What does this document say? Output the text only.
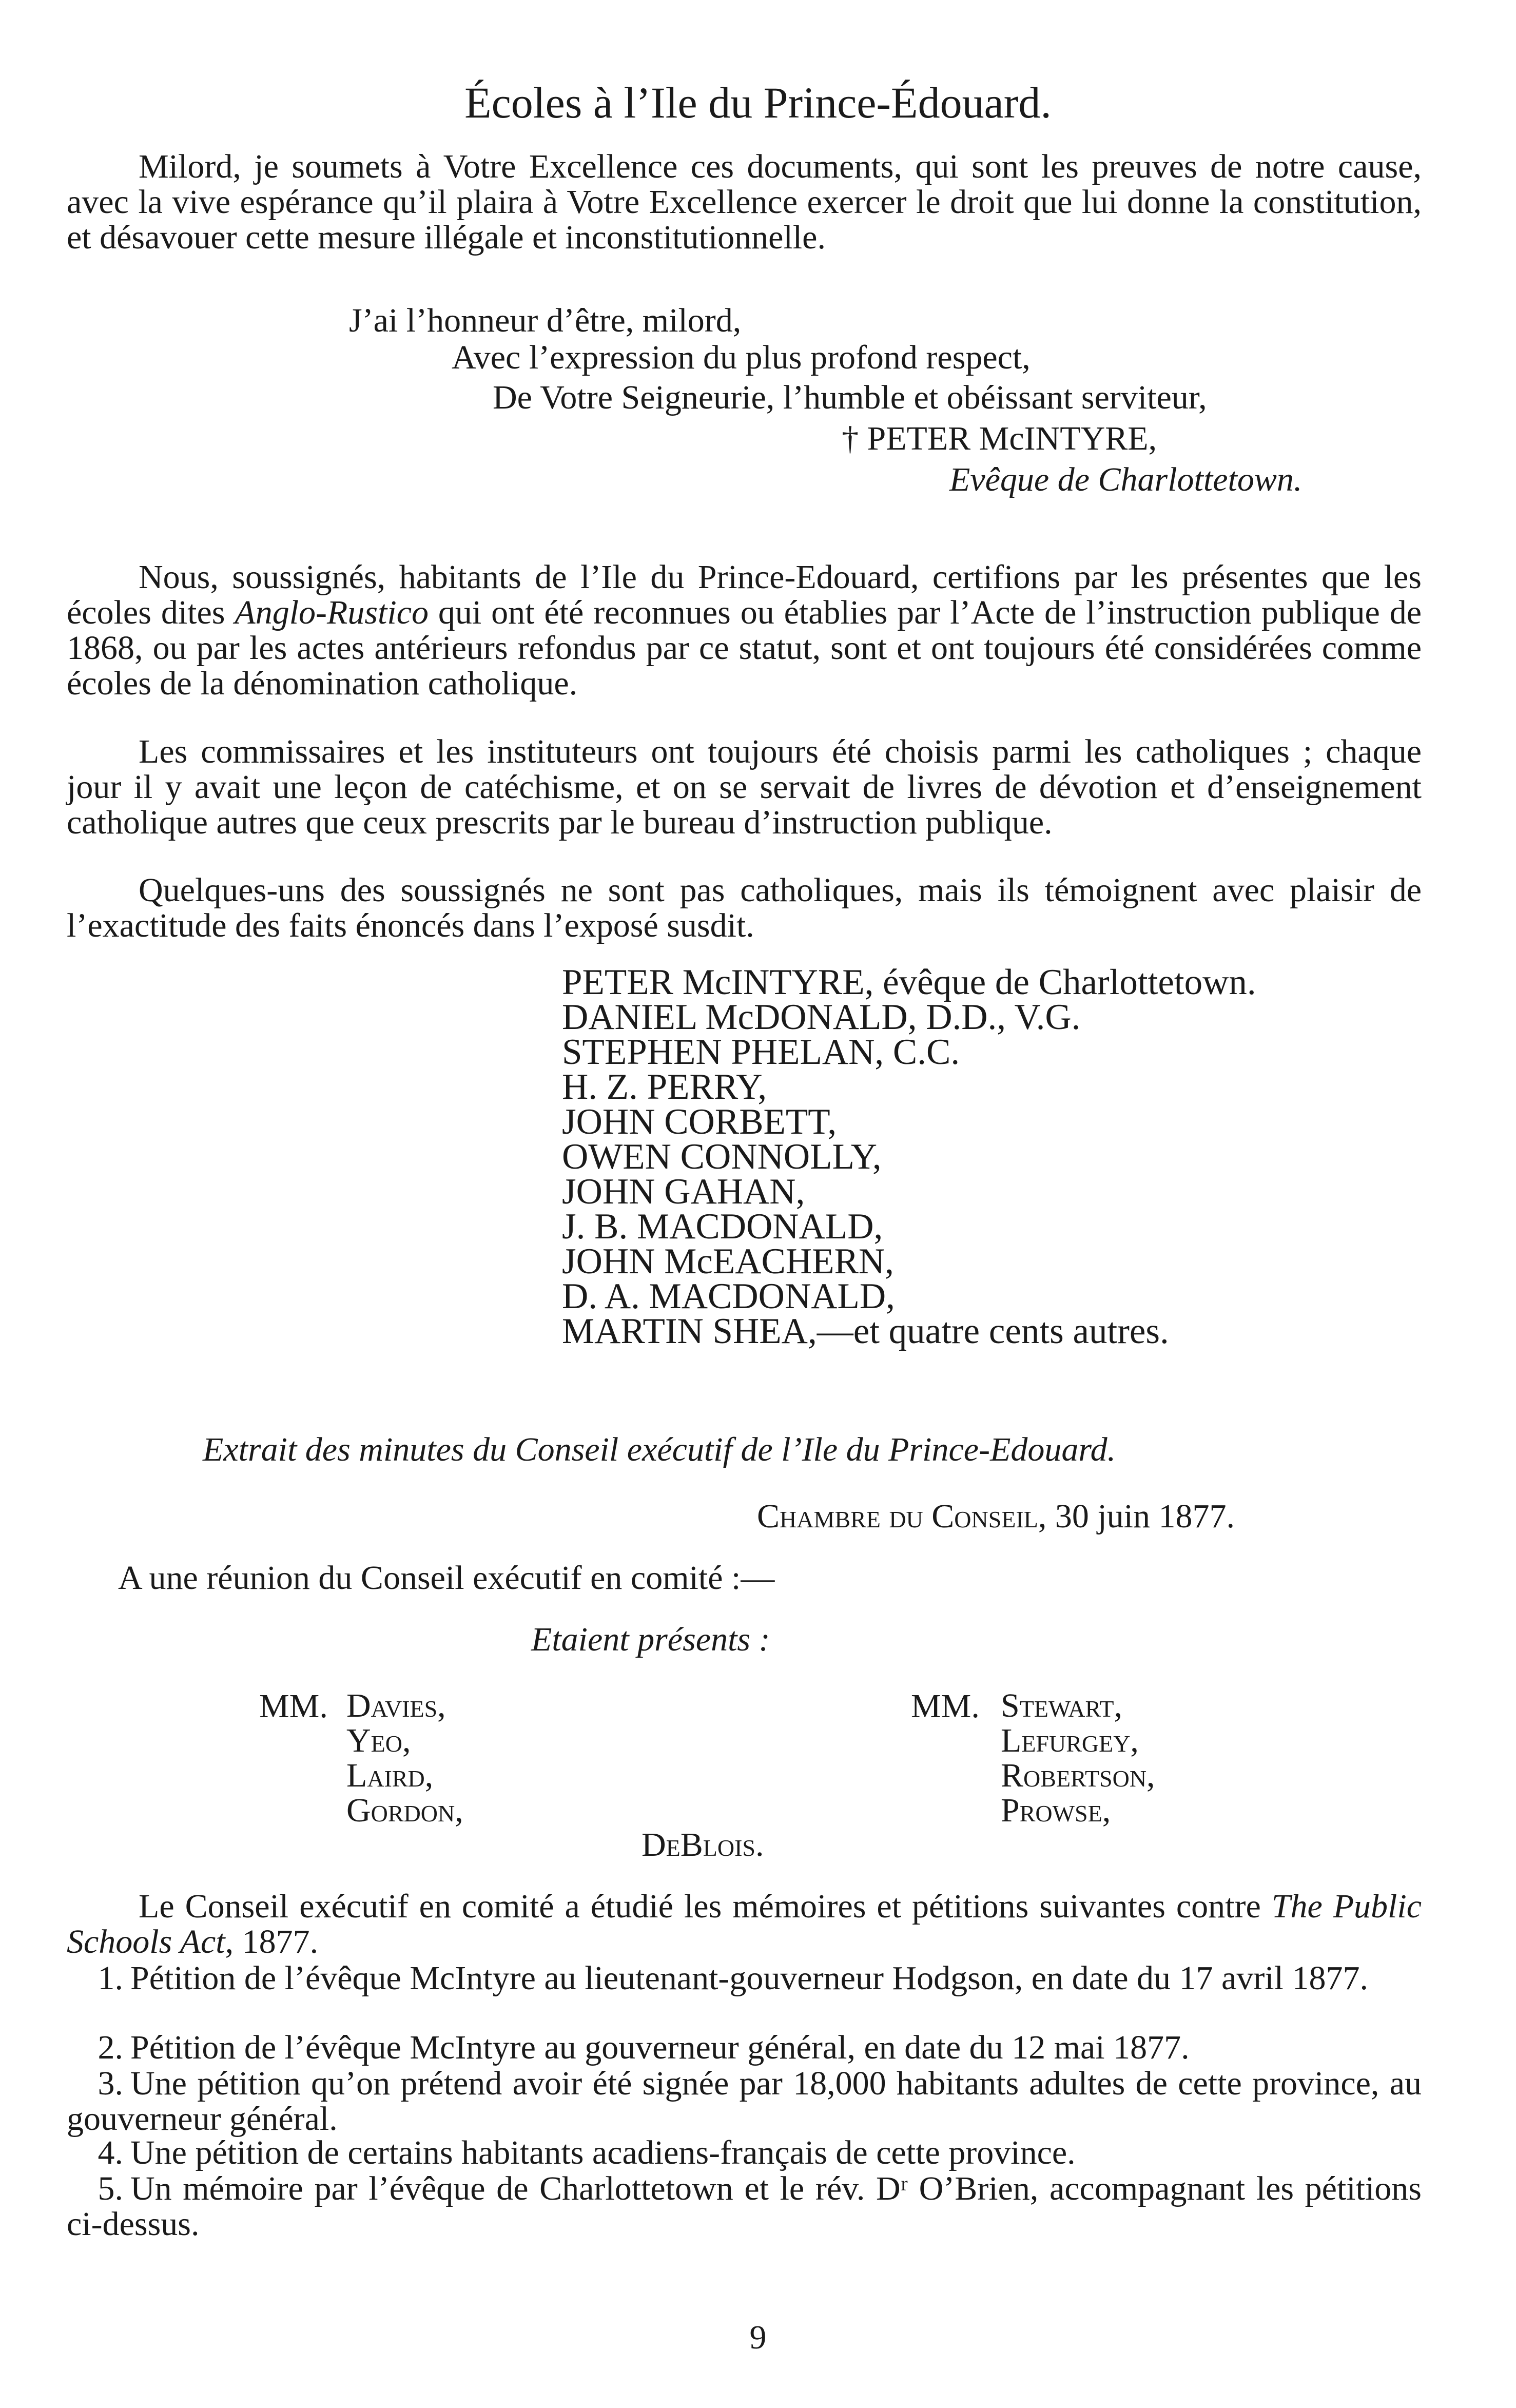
Écoles à l’Ile du Prince-Édouard.
Milord, je soumets à Votre Excellence ces documents, qui sont les preuves de notre cause, avec la vive espérance qu’il plaira à Votre Excellence exercer le droit que lui donne la constitution, et désavouer cette mesure illégale et inconstitutionnelle.
J’ai l’honneur d’être, milord,
Avec l’expression du plus profond respect,
De Votre Seigneurie, l’humble et obéissant serviteur,
† PETER McINTYRE,
Evêque de Charlottetown.
Nous, soussignés, habitants de l’Ile du Prince-Edouard, certifions par les présentes que les écoles dites Anglo-Rustico qui ont été reconnues ou établies par l’Acte de l’instruction publique de 1868, ou par les actes antérieurs refondus par ce statut, sont et ont toujours été considérées comme écoles de la dénomination catholique.
Les commissaires et les instituteurs ont toujours été choisis parmi les catholiques ; chaque jour il y avait une leçon de catéchisme, et on se servait de livres de dévotion et d’enseignement catholique autres que ceux prescrits par le bureau d’instruction publique.
Quelques-uns des soussignés ne sont pas catholiques, mais ils témoignent avec plaisir de l’exactitude des faits énoncés dans l’exposé susdit.
PETER McINTYRE, évêque de Charlottetown.
DANIEL McDONALD, D.D., V.G.
STEPHEN PHELAN, C.C.
H. Z. PERRY,
JOHN CORBETT,
OWEN CONNOLLY,
JOHN GAHAN,
J. B. MACDONALD,
JOHN McEACHERN,
D. A. MACDONALD,
MARTIN SHEA,—et quatre cents autres.
Extrait des minutes du Conseil exécutif de l’Ile du Prince-Edouard.
Chambre du Conseil, 30 juin 1877.
A une réunion du Conseil exécutif en comité :—
Etaient présents :
MM. Davies,
Yeo,
Laird,
Gordon,
MM. Stewart,
Lefurgey,
Robertson,
Prowse,
DeBlois.
Le Conseil exécutif en comité a étudié les mémoires et pétitions suivantes contre The Public Schools Act, 1877.
1. Pétition de l’évêque McIntyre au lieutenant-gouverneur Hodgson, en date du 17 avril 1877.
2. Pétition de l’évêque McIntyre au gouverneur général, en date du 12 mai 1877.
3. Une pétition qu’on prétend avoir été signée par 18,000 habitants adultes de cette province, au gouverneur général.
4. Une pétition de certains habitants acadiens-français de cette province.
5. Un mémoire par l’évêque de Charlottetown et le rév. Dʳ O’Brien, accompagnant les pétitions ci-dessus.
9
